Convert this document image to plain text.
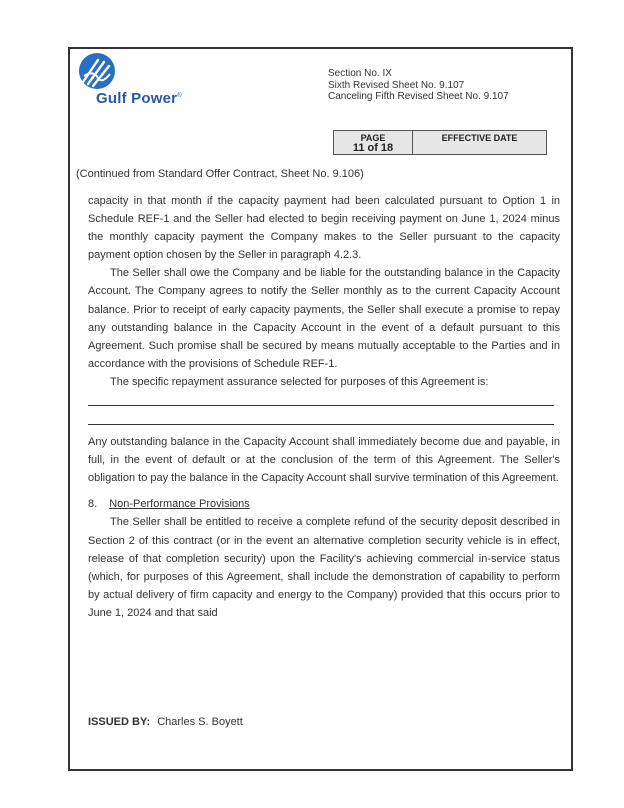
Gulf Power®
Section No. IX
Sixth Revised Sheet No. 9.107
Canceling Fifth Revised Sheet No. 9.107
PAGE
11 of 18
EFFECTIVE DATE
(Continued from Standard Offer Contract, Sheet No. 9.106)

capacity in that month if the capacity payment had been calculated pursuant to Option 1 in Schedule REF-1 and the Seller had elected to begin receiving payment on June 1, 2024 minus the monthly capacity payment the Company makes to the Seller pursuant to the capacity payment option chosen by the Seller in paragraph 4.2.3.

The Seller shall owe the Company and be liable for the outstanding balance in the Capacity Account. The Company agrees to notify the Seller monthly as to the current Capacity Account balance. Prior to receipt of early capacity payments, the Seller shall execute a promise to repay any outstanding balance in the Capacity Account in the event of a default pursuant to this Agreement. Such promise shall be secured by means mutually acceptable to the Parties and in accordance with the provisions of Schedule REF-1.

The specific repayment assurance selected for purposes of this Agreement is:

Any outstanding balance in the Capacity Account shall immediately become due and payable, in full, in the event of default or at the conclusion of the term of this Agreement. The Seller's obligation to pay the balance in the Capacity Account shall survive termination of this Agreement.

8. Non-Performance Provisions

The Seller shall be entitled to receive a complete refund of the security deposit described in Section 2 of this contract (or in the event an alternative completion security vehicle is in effect, release of that completion security) upon the Facility's achieving commercial in-service status (which, for purposes of this Agreement, shall include the demonstration of capability to perform by actual delivery of firm capacity and energy to the Company) provided that this occurs prior to June 1, 2024 and that said

ISSUED BY: Charles S. Boyett
